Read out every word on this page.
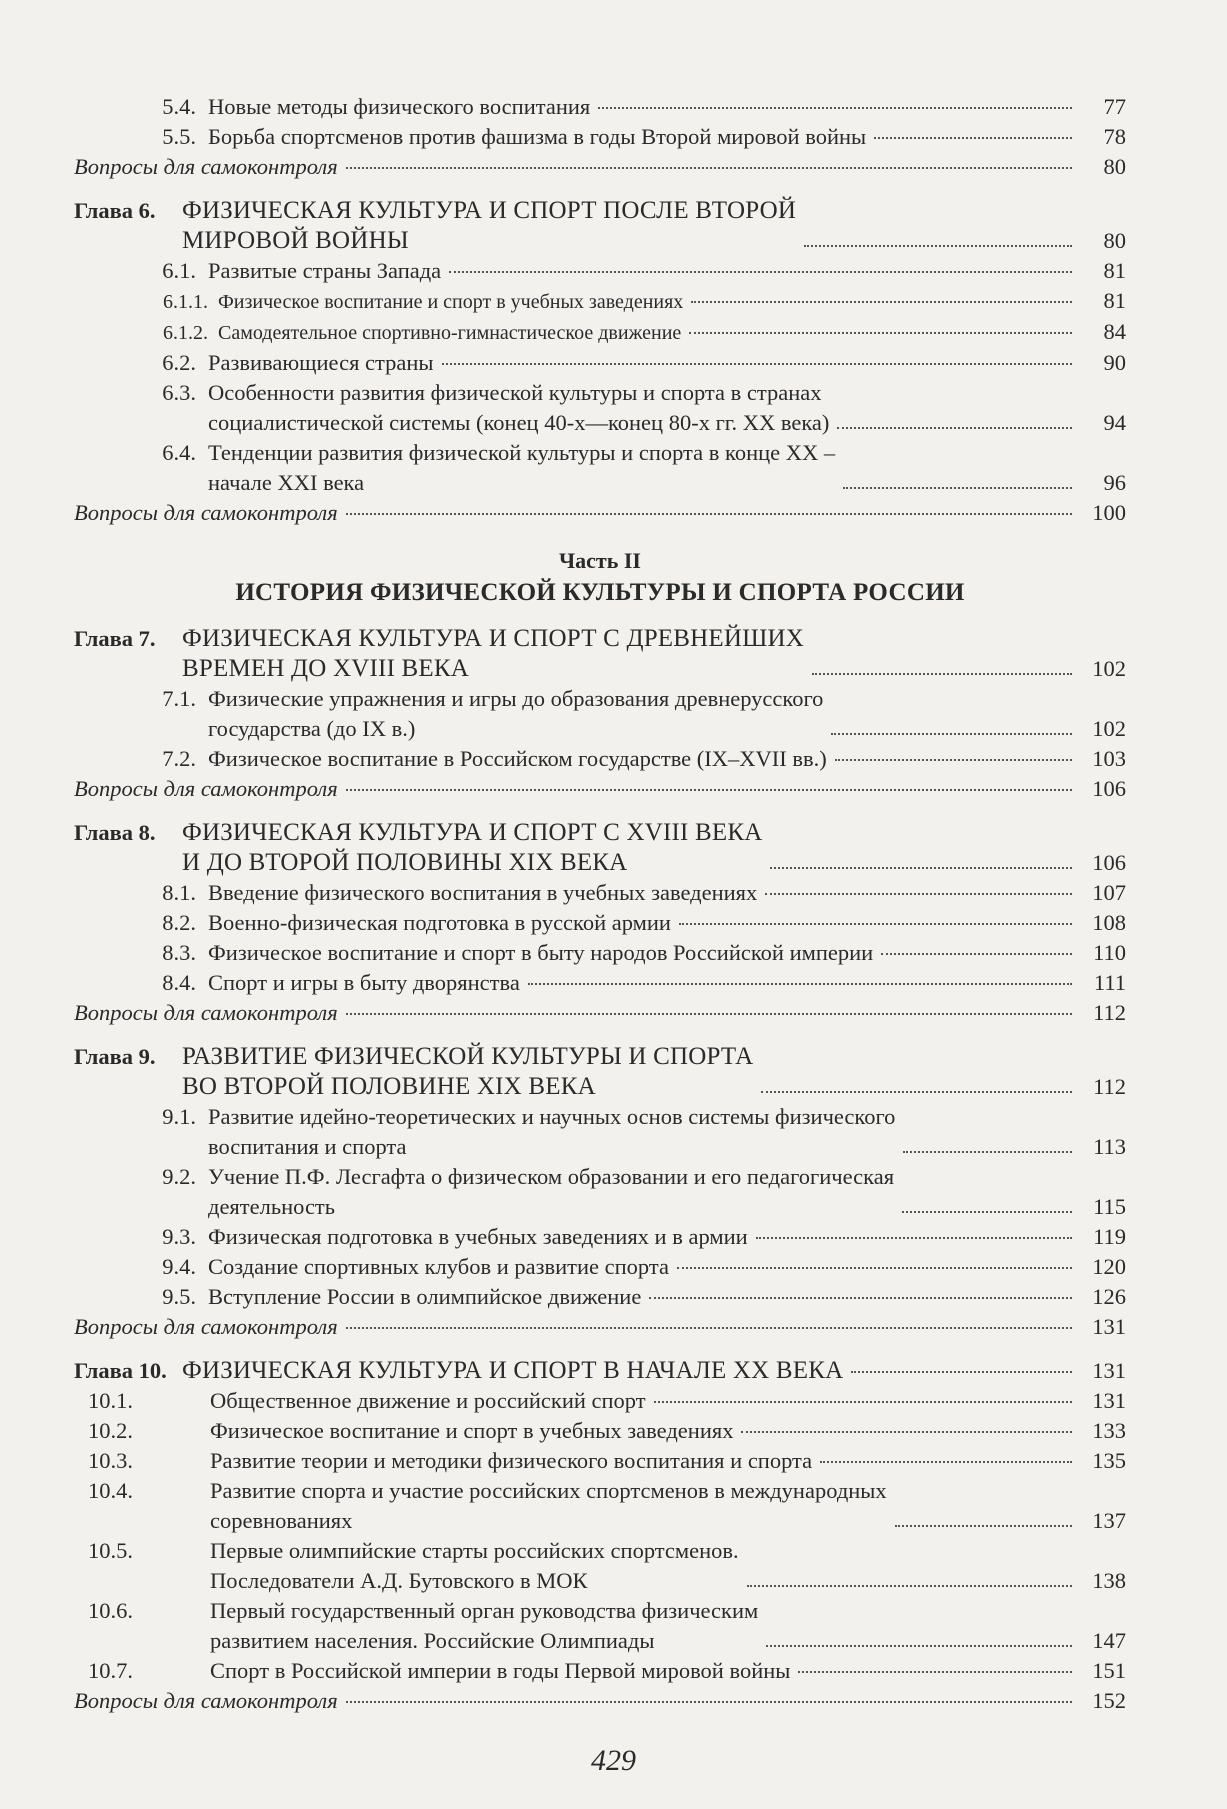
5.4. Новые методы физического воспитания	77
5.5. Борьба спортсменов против фашизма в годы Второй мировой войны	78
Вопросы для самоконтроля	80
Глава 6.	ФИЗИЧЕСКАЯ КУЛЬТУРА И СПОРТ ПОСЛЕ ВТОРОЙ
МИРОВОЙ ВОЙНЫ	80
6.1. Развитые страны Запада	81
6.1.1. Физическое воспитание и спорт в учебных заведениях	81
6.1.2. Самодеятельное спортивно-гимнастическое движение	84
6.2. Развивающиеся страны	90
6.3. Особенности развития физической культуры и спорта в странах
социалистической системы (конец 40-х—конец 80-х гг. XX века)	94
6.4. Тенденции развития физической культуры и спорта в конце XX –
начале XXI века	96
Вопросы для самоконтроля	100
Часть II
ИСТОРИЯ ФИЗИЧЕСКОЙ КУЛЬТУРЫ И СПОРТА РОССИИ
Глава 7.	ФИЗИЧЕСКАЯ КУЛЬТУРА И СПОРТ С ДРЕВНЕЙШИХ
ВРЕМЕН ДО XVIII ВЕКА	102
7.1. Физические упражнения и игры до образования древнерусского
государства (до IX в.)	102
7.2. Физическое воспитание в Российском государстве (IX–XVII вв.)	103
Вопросы для самоконтроля	106
Глава 8.	ФИЗИЧЕСКАЯ КУЛЬТУРА И СПОРТ С XVIII ВЕКА
И ДО ВТОРОЙ ПОЛОВИНЫ XIX ВЕКА	106
8.1. Введение физического воспитания в учебных заведениях	107
8.2. Военно-физическая подготовка в русской армии	108
8.3. Физическое воспитание и спорт в быту народов Российской империи	110
8.4. Спорт и игры в быту дворянства	111
Вопросы для самоконтроля	112
Глава 9.	РАЗВИТИЕ ФИЗИЧЕСКОЙ КУЛЬТУРЫ И СПОРТА
ВО ВТОРОЙ ПОЛОВИНЕ XIX ВЕКА	112
9.1. Развитие идейно-теоретических и научных основ системы физического
воспитания и спорта	113
9.2. Учение П.Ф. Лесгафта о физическом образовании и его педагогическая
деятельность	115
9.3. Физическая подготовка в учебных заведениях и в армии	119
9.4. Создание спортивных клубов и развитие спорта	120
9.5. Вступление России в олимпийское движение	126
Вопросы для самоконтроля	131
Глава 10. ФИЗИЧЕСКАЯ КУЛЬТУРА И СПОРТ В НАЧАЛЕ XX ВЕКА	131
10.1.	Общественное движение и российский спорт	131
10.2.	Физическое воспитание и спорт в учебных заведениях	133
10.3.	Развитие теории и методики физического воспитания и спорта	135
10.4.	Развитие спорта и участие российских спортсменов в международных
соревнованиях	137
10.5.	Первые олимпийские старты российских спортсменов.
Последователи А.Д. Бутовского в МОК	138
10.6.	Первый государственный орган руководства физическим
развитием населения. Российские Олимпиады	147
10.7.	Спорт в Российской империи в годы Первой мировой войны	151
Вопросы для самоконтроля	152
429
